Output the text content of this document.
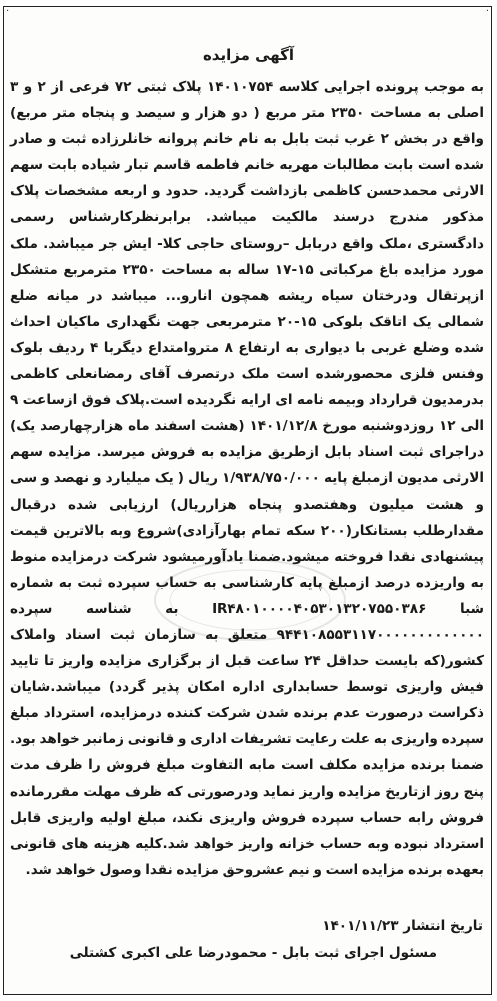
·	·
آگهی مزایده
به موجب پرونده اجرایی کلاسه ۱۴۰۱۰۷۵۴ پلاک ثبتی ۷۲ فرعی از ۲ و ۳ اصلی به مساحت ۲۳۵۰ متر مربع ( دو هزار و سیصد و پنجاه متر مربع) واقع در بخش ۲ غرب ثبت بابل به نام خانم پروانه خانلرزاده ثبت و صادر شده است بابت مطالبات مهریه خانم فاطمه قاسم تبار شیاده بابت سهم الارثی محمدحسن کاظمی بازداشت گردید. حدود و اربعه مشخصات پلاک مذکور مندرج درسند مالکیت میباشد. برابرنظرکارشناس رسمی دادگستری ،ملک واقع دربابل –روستای حاجی کلا- ایش جر میباشد. ملک مورد مزایده باغ مرکباتی ۱۵-۱۷ ساله به مساحت ۲۳۵۰ مترمربع متشکل ازپرتقال ودرختان سیاه ریشه همچون انارو... میباشد در میانه ضلع شمالی یک اتاقک بلوکی ۱۵-۲۰ مترمربعی جهت نگهداری ماکیان احداث شده وضلع غربی با دیواری به ارتفاع ۸ متروامتداع دیگربا ۴ ردیف بلوک وفنس فلزی محصورشده است ملک درتصرف آقای رمضانعلی کاظمی بدرمدیون قرارداد وبیمه نامه ای ارایه نگردیده است.پلاک فوق ازساعت ۹ الی ۱۲ روزدوشنبه مورخ ۱۴۰۱/۱۲/۸ (هشت اسفند ماه هزارچهارصد یک) دراجرای ثبت اسناد بابل ازطریق مزایده به فروش میرسد. مزایده سهم الارثی مدیون ازمبلغ پایه ۱/۹۳۸/۷۵۰/۰۰۰ ریال ( یک میلیارد و نهصد و سی و هشت میلیون وهفتصدو پنجاه هزارریال) ارزیابی شده درقبال مقدارطلب بستانکار(۲۰۰ سکه تمام بهارآزادی)شروع وبه بالاترین قیمت پیشنهادی نقدا فروخته میشود.ضمنا یادآورمیشود شرکت درمزایده منوط به واریزده درصد ازمبلغ پایه کارشناسی به حساب سپرده ثبت به شماره شبا IR۴۸۰۱۰۰۰۰۴۰۵۳۰۱۳۲۰۷۵۵۰۳۸۶ به شناسه سپرده ۹۴۴۱۰۸۵۵۳۱۱۷۰۰۰۰۰۰۰۰۰۰۰۰۰ متعلق به سازمان ثبت اسناد واملاک کشور(که بایست حداقل ۲۴ ساعت قبل از برگزاری مزایده واریز تا تایید فیش واریزی توسط حسابداری اداره امکان پذیر گردد) میباشد.شایان ذکراست درصورت عدم برنده شدن شرکت کننده درمزایده، استرداد مبلغ سپرده واریزی به علت رعایت تشریفات اداری و قانونی زمانبر خواهد بود. ضمنا برنده مزایده مکلف است مابه التفاوت مبلغ فروش را ظرف مدت پنج روز ازتاریخ مزایده واریز نماید ودرصورتی که ظرف مهلت مقررمانده فروش رابه حساب سپرده فروش واریزی نکند، مبلغ اولیه واریزی قابل استرداد نبوده وبه حساب خزانه واریز خواهد شد.کلیه هزینه های قانونی بعهده برنده مزایده است و نیم عشروحق مزایده نقدا وصول خواهد شد.
تاریخ انتشار ۱۴۰۱/۱۱/۲۳
مسئول اجرای ثبت بابل - محمودرضا علی اکبری کشتلی
